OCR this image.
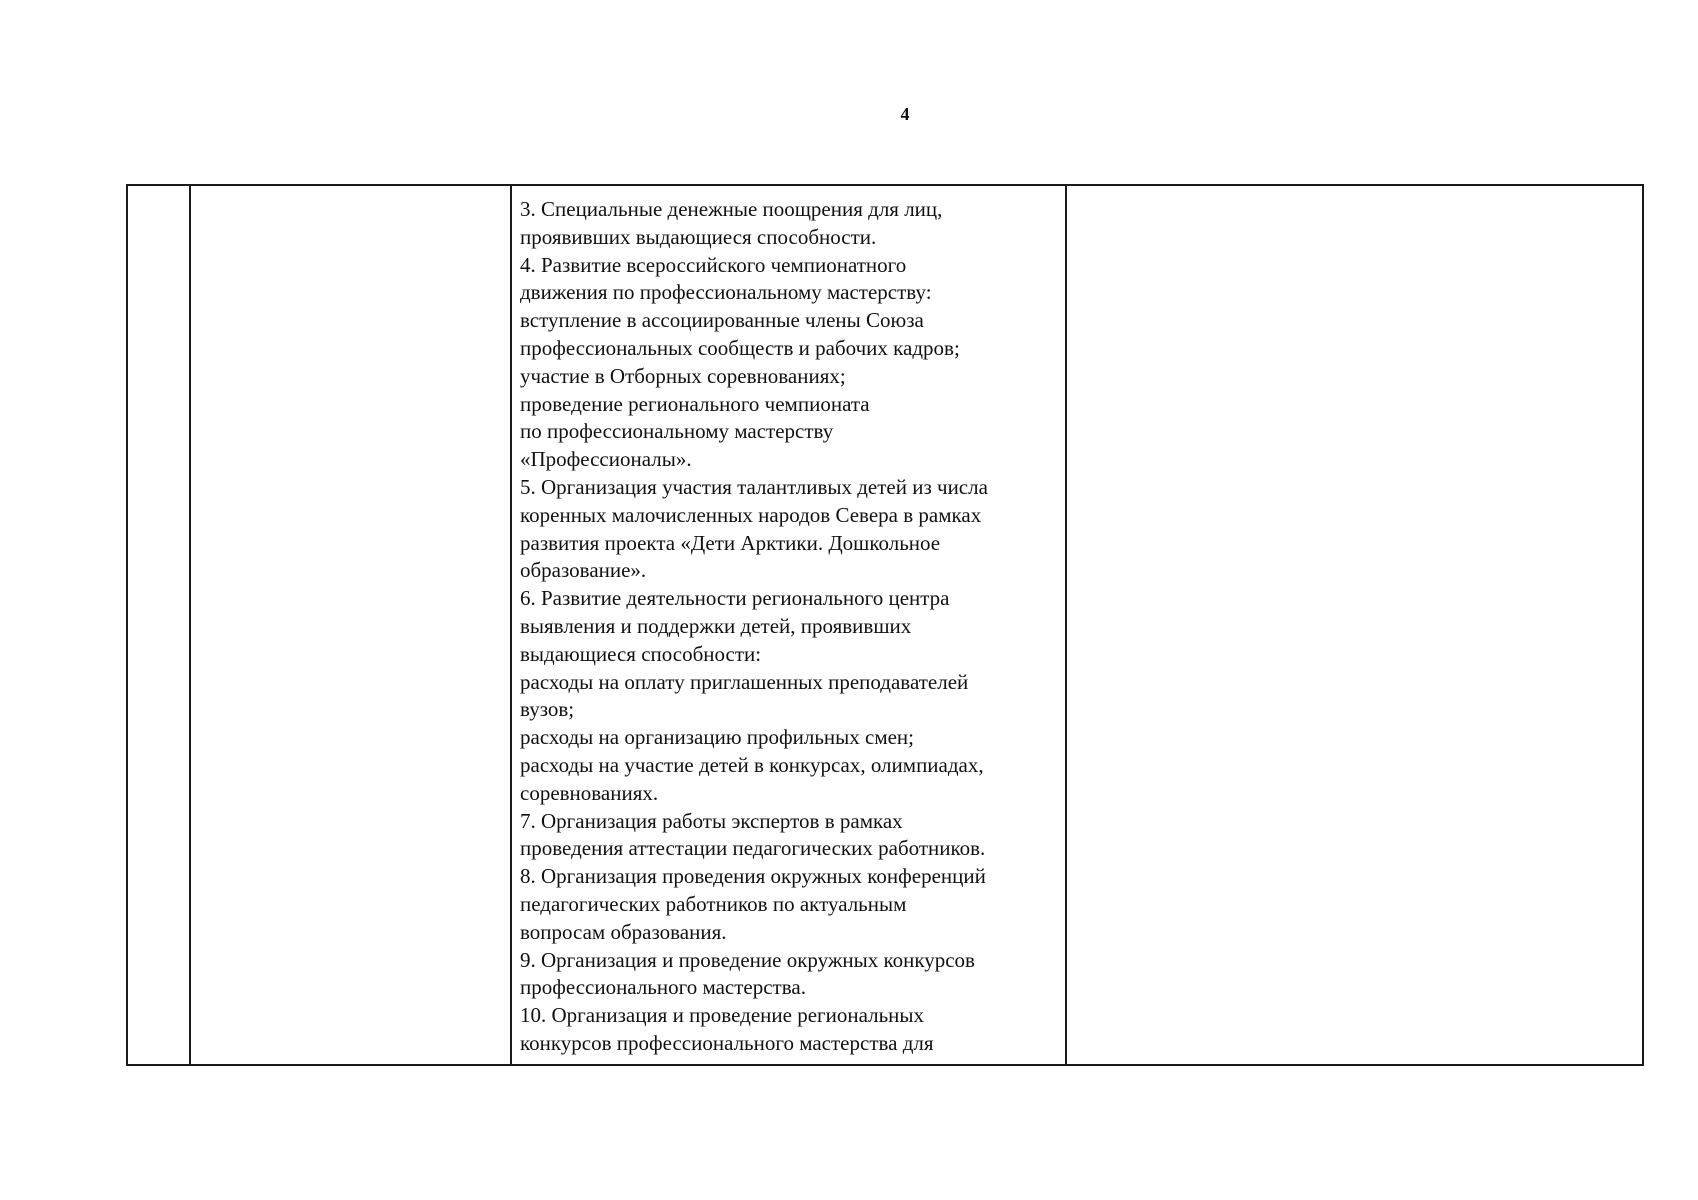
4

3. Специальные денежные поощрения для лиц,
проявивших выдающиеся способности.
4. Развитие всероссийского чемпионатного
движения по профессиональному мастерству:
вступление в ассоциированные члены Союза
профессиональных сообществ и рабочих кадров;
участие в Отборных соревнованиях;
проведение регионального чемпионата
по профессиональному мастерству
«Профессионалы».
5. Организация участия талантливых детей из числа
коренных малочисленных народов Севера в рамках
развития проекта «Дети Арктики. Дошкольное
образование».
6. Развитие деятельности регионального центра
выявления и поддержки детей, проявивших
выдающиеся способности:
расходы на оплату приглашенных преподавателей
вузов;
расходы на организацию профильных смен;
расходы на участие детей в конкурсах, олимпиадах,
соревнованиях.
7. Организация работы экспертов в рамках
проведения аттестации педагогических работников.
8. Организация проведения окружных конференций
педагогических работников по актуальным
вопросам образования.
9. Организация и проведение окружных конкурсов
профессионального мастерства.
10. Организация и проведение региональных
конкурсов профессионального мастерства для
